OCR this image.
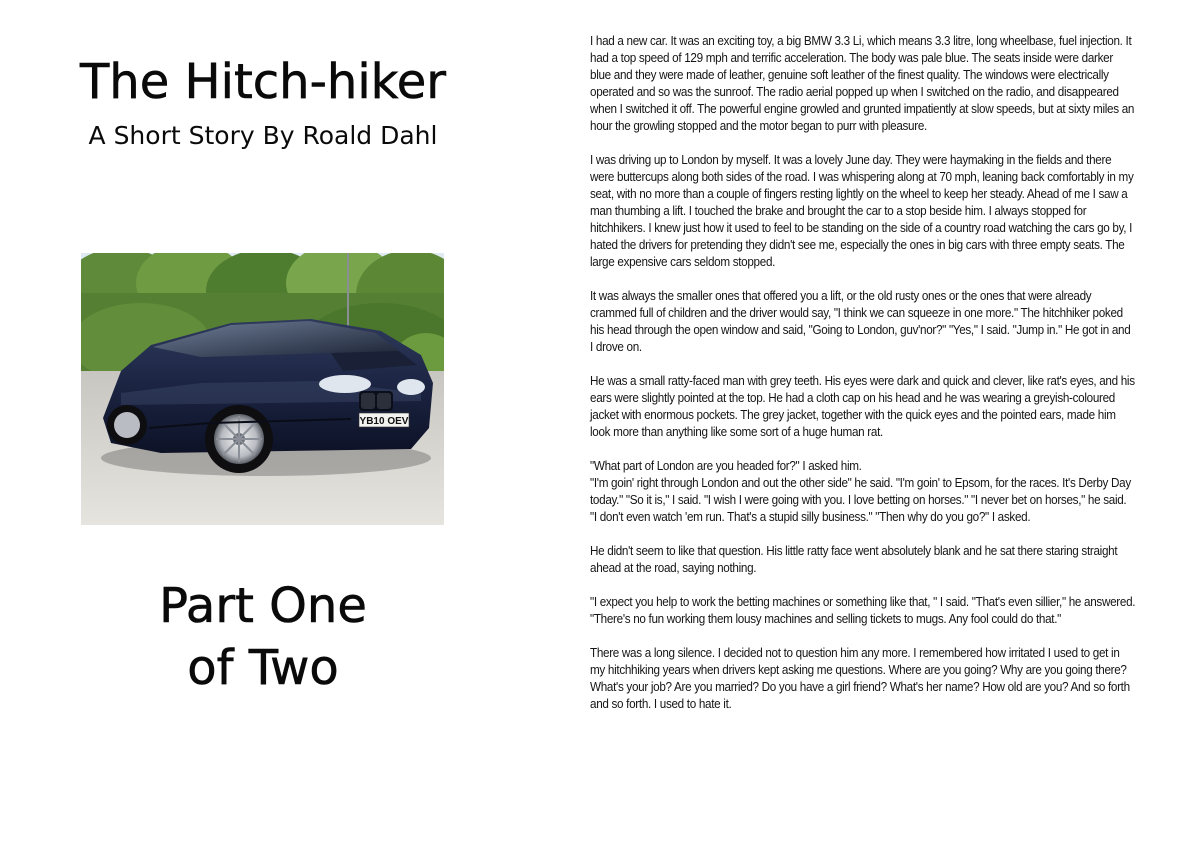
The Hitch-hiker
A Short Story By Roald Dahl
YB10 OEV
Part One
of Two

I had a new car. It was an exciting toy, a big BMW 3.3 Li, which means 3.3 litre, long wheelbase, fuel injection. It had a top speed of 129 mph and terrific acceleration. The body was pale blue. The seats inside were darker blue and they were made of leather, genuine soft leather of the finest quality. The windows were electrically operated and so was the sunroof. The radio aerial popped up when I switched on the radio, and disappeared when I switched it off. The powerful engine growled and grunted impatiently at slow speeds, but at sixty miles an hour the growling stopped and the motor began to purr with pleasure.

I was driving up to London by myself. It was a lovely June day. They were haymaking in the fields and there were buttercups along both sides of the road. I was whispering along at 70 mph, leaning back comfortably in my seat, with no more than a couple of fingers resting lightly on the wheel to keep her steady. Ahead of me I saw a man thumbing a lift. I touched the brake and brought the car to a stop beside him. I always stopped for hitchhikers. I knew just how it used to feel to be standing on the side of a country road watching the cars go by, I hated the drivers for pretending they didn't see me, especially the ones in big cars with three empty seats. The large expensive cars seldom stopped.

It was always the smaller ones that offered you a lift, or the old rusty ones or the ones that were already crammed full of children and the driver would say, "I think we can squeeze in one more." The hitchhiker poked his head through the open window and said, "Going to London, guv'nor?" "Yes," I said. "Jump in." He got in and I drove on.

He was a small ratty-faced man with grey teeth. His eyes were dark and quick and clever, like rat's eyes, and his ears were slightly pointed at the top. He had a cloth cap on his head and he was wearing a greyish-coloured jacket with enormous pockets. The grey jacket, together with the quick eyes and the pointed ears, made him look more than anything like some sort of a huge human rat.

"What part of London are you headed for?" I asked him.

"I'm goin' right through London and out the other side" he said. "I'm goin' to Epsom, for the races. It's Derby Day today." "So it is," I said. "I wish I were going with you. I love betting on horses." "I never bet on horses," he said. "I don't even watch 'em run. That's a stupid silly business." "Then why do you go?" I asked.

He didn't seem to like that question. His little ratty face went absolutely blank and he sat there staring straight ahead at the road, saying nothing.

"I expect you help to work the betting machines or something like that, " I said. "That's even sillier," he answered. "There's no fun working them lousy machines and selling tickets to mugs. Any fool could do that."

There was a long silence. I decided not to question him any more. I remembered how irritated I used to get in my hitchhiking years when drivers kept asking me questions. Where are you going? Why are you going there? What's your job? Are you married? Do you have a girl friend? What's her name? How old are you? And so forth and so forth. I used to hate it.
